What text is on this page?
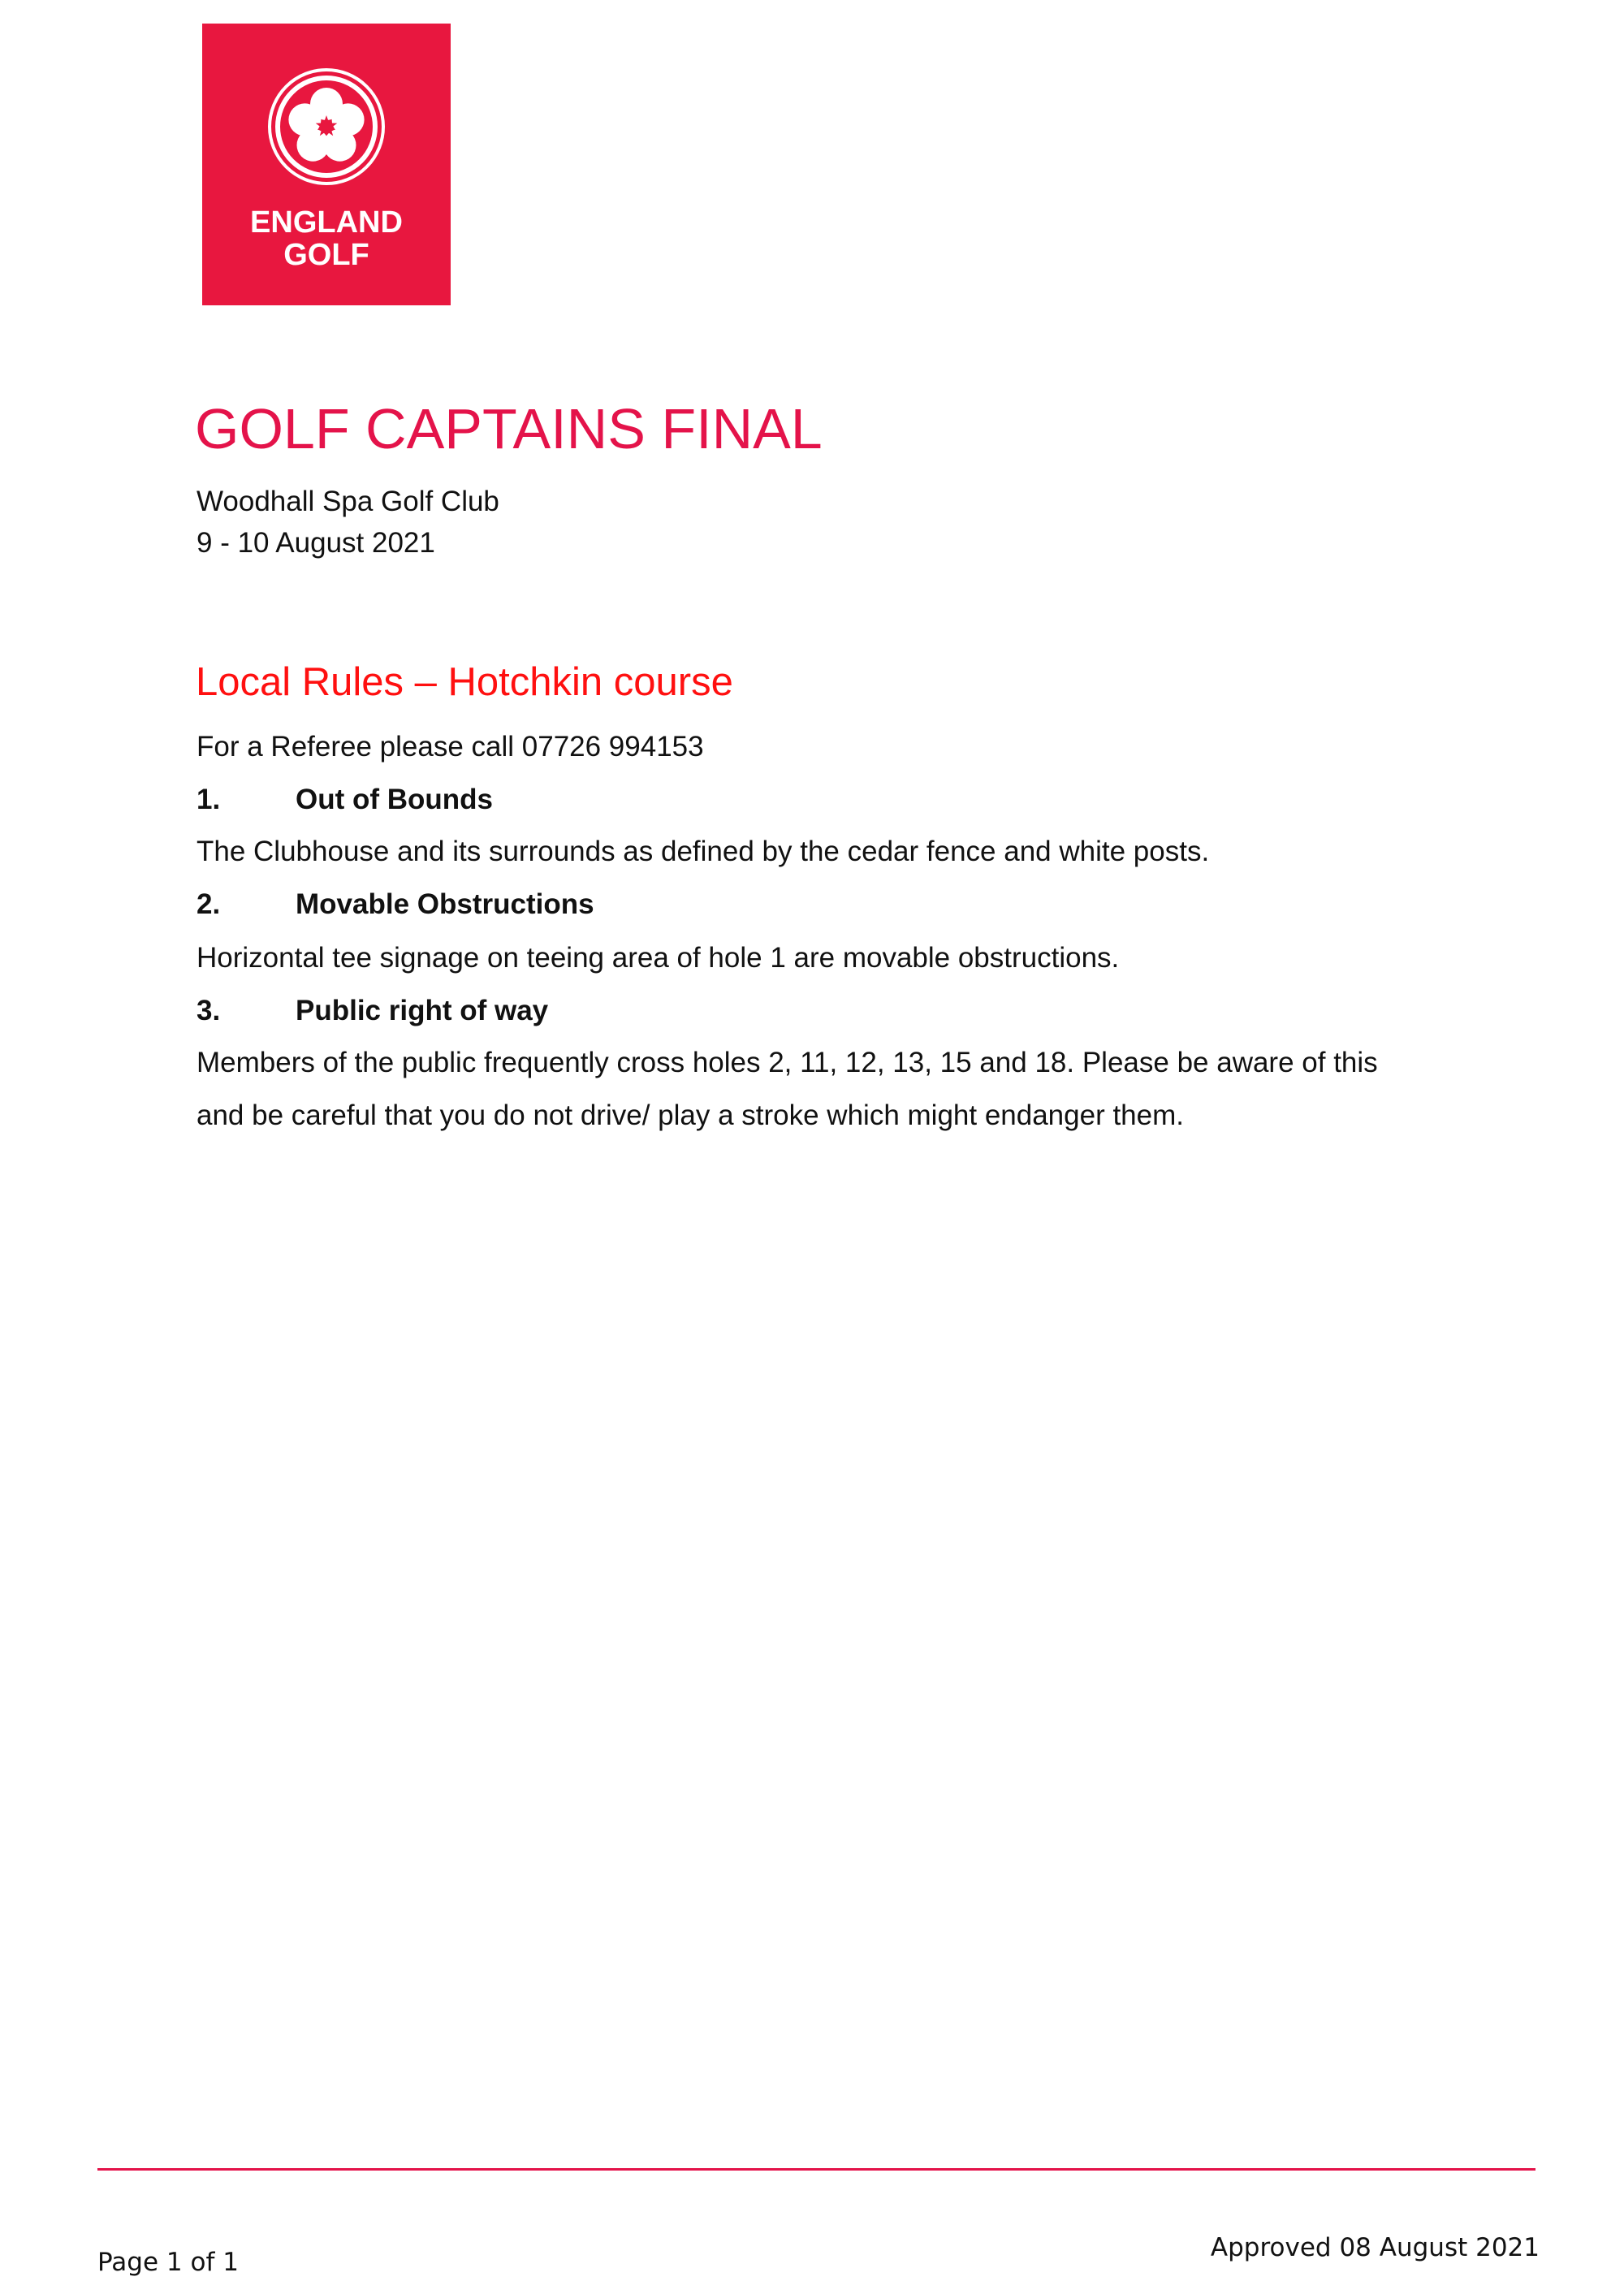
ENGLAND
GOLF
GOLF CAPTAINS FINAL
Woodhall Spa Golf Club
9 - 10 August 2021
Local Rules – Hotchkin course
For a Referee please call 07726 994153
1.	Out of Bounds
The Clubhouse and its surrounds as defined by the cedar fence and white posts.
2.	Movable Obstructions
Horizontal tee signage on teeing area of hole 1 are movable obstructions.
3.	Public right of way
Members of the public frequently cross holes 2, 11, 12, 13, 15 and 18. Please be aware of this
and be careful that you do not drive/ play a stroke which might endanger them.
Page 1 of 1	Approved 08 August 2021
